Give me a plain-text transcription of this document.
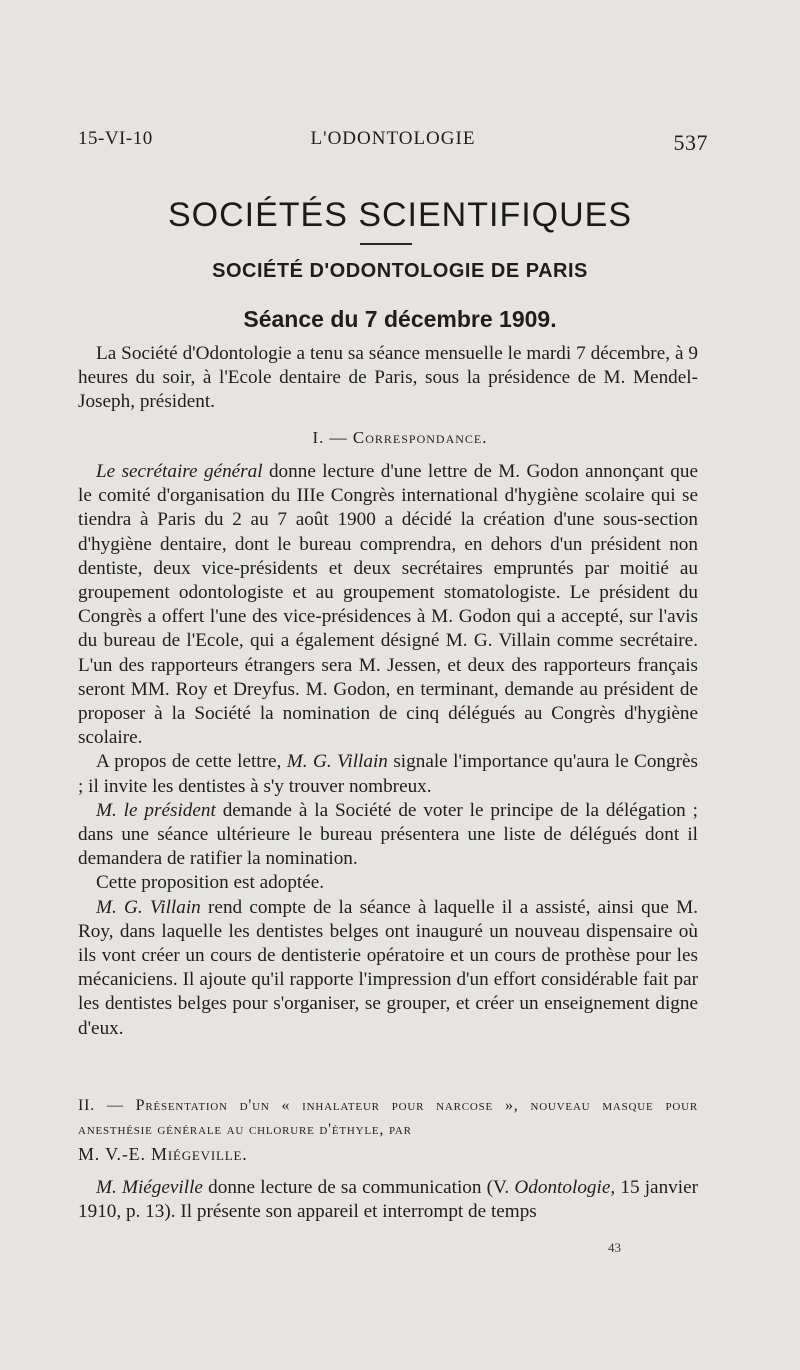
15-VI-10	L'ODONTOLOGIE	537
SOCIÉTÉS SCIENTIFIQUES
SOCIÉTÉ D'ODONTOLOGIE DE PARIS
Séance du 7 décembre 1909.

La Société d'Odontologie a tenu sa séance mensuelle le mardi 7 décembre, à 9 heures du soir, à l'Ecole dentaire de Paris, sous la présidence de M. Mendel-Joseph, président.

I. — Correspondance.

Le secrétaire général donne lecture d'une lettre de M. Godon annonçant que le comité d'organisation du IIIe Congrès international d'hygiène scolaire qui se tiendra à Paris du 2 au 7 août 1900 a décidé la création d'une sous-section d'hygiène dentaire, dont le bureau comprendra, en dehors d'un président non dentiste, deux vice-présidents et deux secrétaires empruntés par moitié au groupement odontologiste et au groupement stomatologiste. Le président du Congrès a offert l'une des vice-présidences à M. Godon qui a accepté, sur l'avis du bureau de l'Ecole, qui a également désigné M. G. Villain comme secrétaire. L'un des rapporteurs étrangers sera M. Jessen, et deux des rapporteurs français seront MM. Roy et Dreyfus. M. Godon, en terminant, demande au président de proposer à la Société la nomination de cinq délégués au Congrès d'hygiène scolaire.

A propos de cette lettre, M. G. Villain signale l'importance qu'aura le Congrès ; il invite les dentistes à s'y trouver nombreux.

M. le président demande à la Société de voter le principe de la délégation ; dans une séance ultérieure le bureau présentera une liste de délégués dont il demandera de ratifier la nomination.

Cette proposition est adoptée.

M. G. Villain rend compte de la séance à laquelle il a assisté, ainsi que M. Roy, dans laquelle les dentistes belges ont inauguré un nouveau dispensaire où ils vont créer un cours de dentisterie opératoire et un cours de prothèse pour les mécaniciens. Il ajoute qu'il rapporte l'impression d'un effort considérable fait par les dentistes belges pour s'organiser, se grouper, et créer un enseignement digne d'eux.

II. — Présentation d'un « inhalateur pour narcose », nouveau masque pour anesthésie générale au chlorure d'éthyle, par
M. V.-E. Miégeville.

M. Miégeville donne lecture de sa communication (V. Odontologie, 15 janvier 1910, p. 13). Il présente son appareil et interrompt de temps

43
